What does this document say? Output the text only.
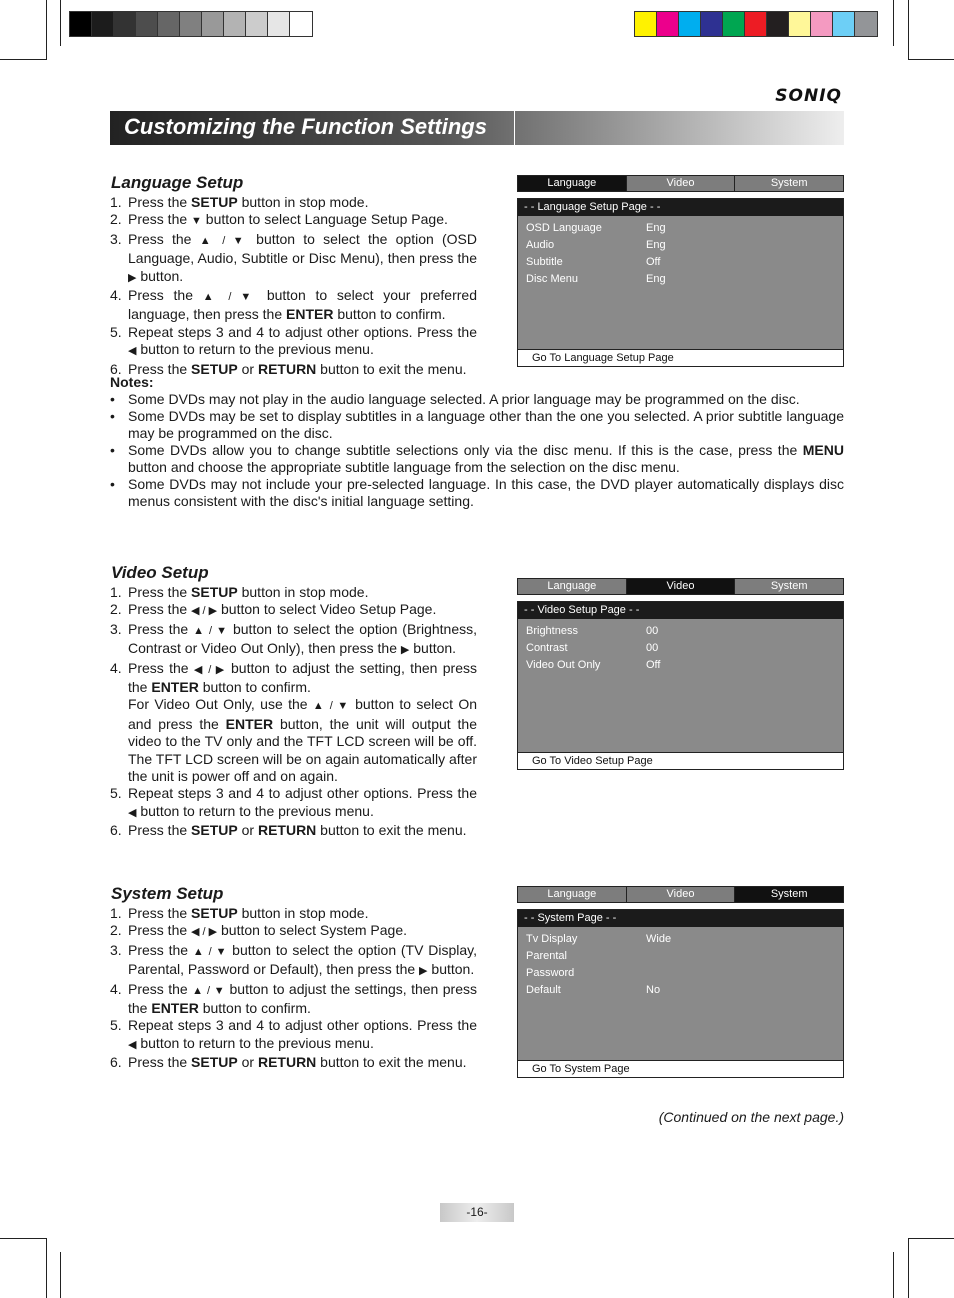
SONIQ
Customizing the Function Settings
Language Setup
1. Press the SETUP button in stop mode.
2. Press the ▼ button to select Language Setup Page.
3. Press the ▲ / ▼ button to select the option (OSD Language, Audio, Subtitle or Disc Menu), then press the ▶ button.
4. Press the ▲ / ▼ button to select your preferred language, then press the ENTER button to confirm.
5. Repeat steps 3 and 4 to adjust other options. Press the ◀ button to return to the previous menu.
6. Press the SETUP or RETURN button to exit the menu.
Language	Video	System
- - Language Setup Page - -
OSD Language	Eng
Audio	Eng
Subtitle	Off
Disc Menu	Eng
Go To Language Setup Page
Notes:
• Some DVDs may not play in the audio language selected. A prior language may be programmed on the disc.
• Some DVDs may be set to display subtitles in a language other than the one you selected. A prior subtitle language may be programmed on the disc.
• Some DVDs allow you to change subtitle selections only via the disc menu. If this is the case, press the MENU button and choose the appropriate subtitle language from the selection on the disc menu.
• Some DVDs may not include your pre-selected language. In this case, the DVD player automatically displays disc menus consistent with the disc's initial language setting.
Video Setup
1. Press the SETUP button in stop mode.
2. Press the ◀ / ▶ button to select Video Setup Page.
3. Press the ▲ / ▼ button to select the option (Brightness, Contrast or Video Out Only), then press the ▶ button.
4. Press the ◀ / ▶ button to adjust the setting, then press the ENTER button to confirm.
For Video Out Only, use the ▲ / ▼ button to select On and press the ENTER button, the unit will output the video to the TV only and the TFT LCD screen will be off. The TFT LCD screen will be on again automatically after the unit is power off and on again.
5. Repeat steps 3 and 4 to adjust other options. Press the ◀ button to return to the previous menu.
6. Press the SETUP or RETURN button to exit the menu.
Language	Video	System
- - Video Setup Page - -
Brightness	00
Contrast	00
Video Out Only	Off
Go To Video Setup Page
System Setup
1. Press the SETUP button in stop mode.
2. Press the ◀ / ▶ button to select System Page.
3. Press the ▲ / ▼ button to select the option (TV Display, Parental, Password or Default), then press the ▶ button.
4. Press the ▲ / ▼ button to adjust the settings, then press the ENTER button to confirm.
5. Repeat steps 3 and 4 to adjust other options. Press the ◀ button to return to the previous menu.
6. Press the SETUP or RETURN button to exit the menu.
Language	Video	System
- - System Page - -
Tv Display	Wide
Parental
Password
Default	No
Go To System Page
(Continued on the next page.)
-16-
